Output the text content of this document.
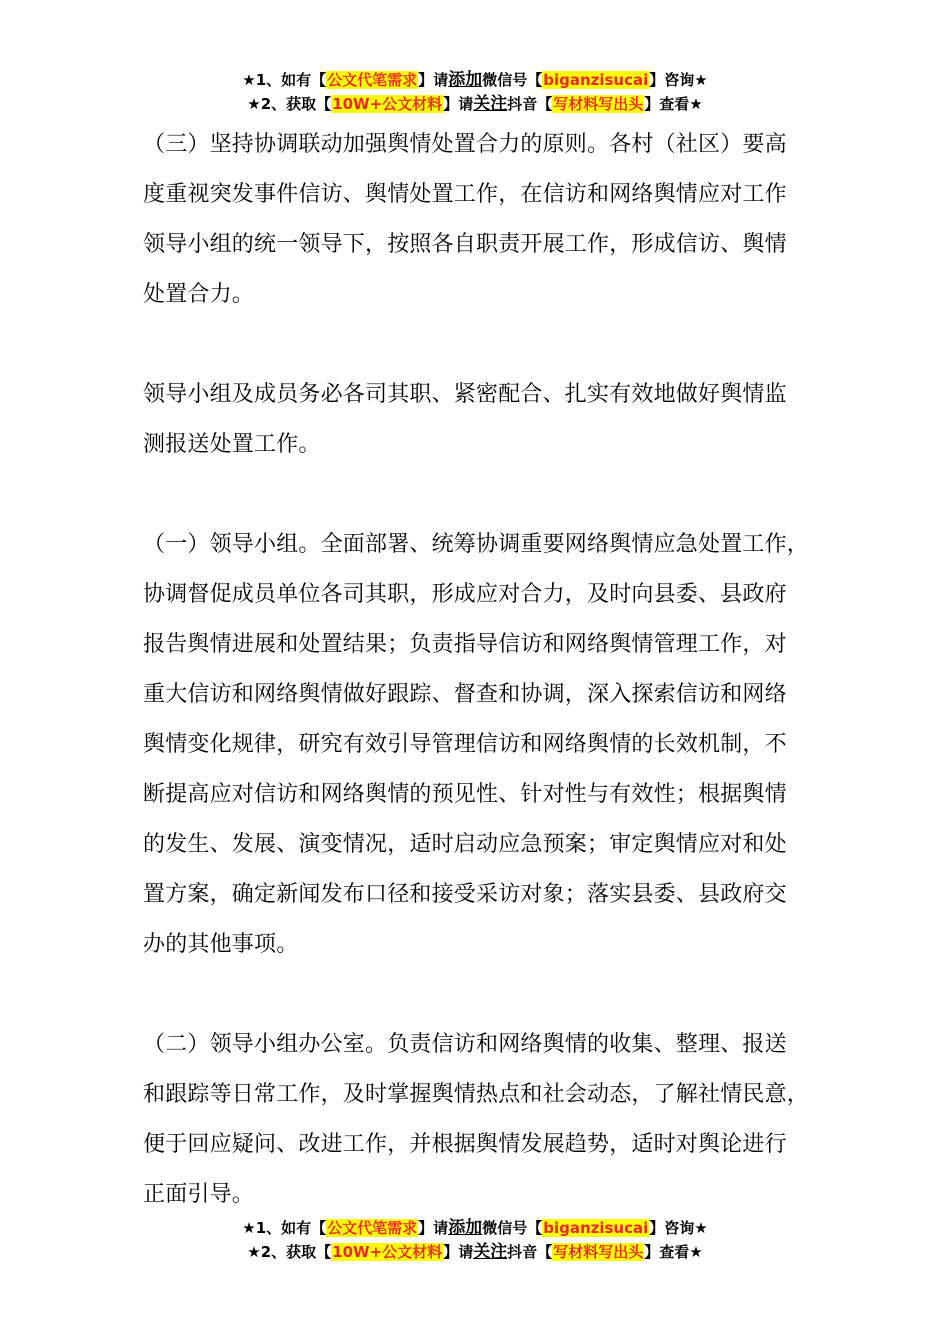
★1、如有【公文代笔需求】请添加微信号【biganzisucai】咨询★
★2、获取【10W+公文材料】请关注抖音【写材料写出头】查看★
（三）坚持协调联动加强舆情处置合力的原则。各村（社区）要高
度重视突发事件信访、舆情处置工作，在信访和网络舆情应对工作
领导小组的统一领导下，按照各自职责开展工作，形成信访、舆情
处置合力。
领导小组及成员务必各司其职、紧密配合、扎实有效地做好舆情监
测报送处置工作。
（一）领导小组。全面部署、统筹协调重要网络舆情应急处置工作，
协调督促成员单位各司其职，形成应对合力，及时向县委、县政府
报告舆情进展和处置结果；负责指导信访和网络舆情管理工作，对
重大信访和网络舆情做好跟踪、督查和协调，深入探索信访和网络
舆情变化规律，研究有效引导管理信访和网络舆情的长效机制，不
断提高应对信访和网络舆情的预见性、针对性与有效性；根据舆情
的发生、发展、演变情况，适时启动应急预案；审定舆情应对和处
置方案，确定新闻发布口径和接受采访对象；落实县委、县政府交
办的其他事项。
（二）领导小组办公室。负责信访和网络舆情的收集、整理、报送
和跟踪等日常工作，及时掌握舆情热点和社会动态，了解社情民意，
便于回应疑问、改进工作，并根据舆情发展趋势，适时对舆论进行
正面引导。
★1、如有【公文代笔需求】请添加微信号【biganzisucai】咨询★
★2、获取【10W+公文材料】请关注抖音【写材料写出头】查看★
